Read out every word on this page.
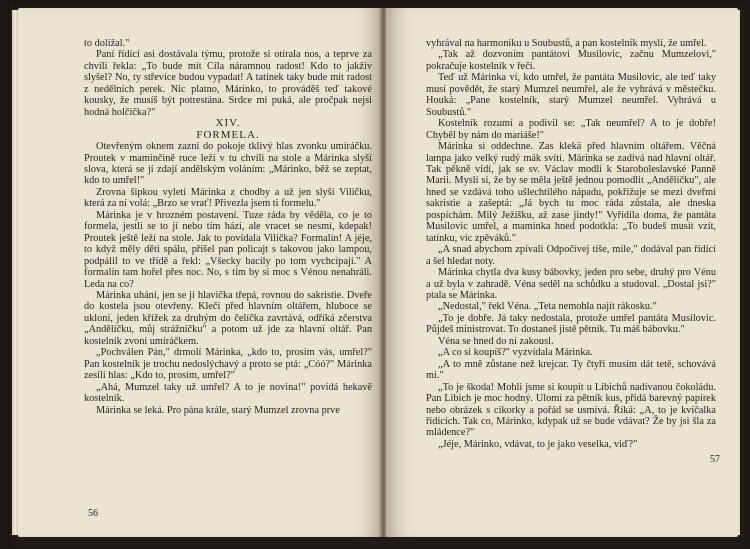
to doližal."

Paní řídící asi dostávala týmu, protože si otírala nos, a teprve za chvíli řekla: „To bude mít Cíla náramnou radost! Kdo to jakživ slyšel? No, ty střevíce budou vypadat! A tatínek taky bude mít radost z nedělních perek. Nic platno, Márinko, to prováděš teď takové kousky, že musíš být potrestána. Srdce mi puká, ale pročpak nejsi hodná holčička?"

XIV.

FORMELA.

Otevřeným oknem zazní do pokoje tklivý hlas zvonku umíráčku. Proutek v maminčině ruce leží v tu chvíli na stole a Márinka slyší slova, která se jí zdají andělským voláním: „Márinko, běž se zeptat, kdo to umřel!"

Zrovna šipkou vyletí Márinka z chodby a už jen slyší Viličku, která za ní volá: „Brzo se vrať! Přivezla jsem ti formelu."

Márinka je v hrozném postavení. Tuze ráda by věděla, co je to formela, jestli se to jí nebo tím hází, ale vracet se nesmí, kdepak! Proutek ještě leží na stole. Jak to povídala Vilička? Formalín! A jéje, to když měly děti spálu, přišel pan policajt s takovou jako lampou, podpálil to ve třídě a řekl: „Všecky bacily po tom vychcípají." A formalín tam hořel přes noc. No, s tím by si moc s Vénou nenahráli. Leda na co?

Márinka uhání, jen se jí hlavička třepá, rovnou do sakristie. Dveře do kostela jsou otevřeny. Klečí před hlavním oltářem, hluboce se ukloní, jeden křížek za druhým do čelíčka zavrtává, odříká zčerstva „Andělíčku, můj strážníčku" a potom už jde za hlavní oltář. Pan kostelník zvoní umíráčkem.

„Pochválen Pán," drmolí Márinka, „kdo to, prosím vás, umřel?" Pan kostelník je trochu nedoslýchavý a proto se ptá: „Cóó?" Márinka zesílí hlas: „Kdo to, prosím, umřel?"

„Ahá, Mumzel taky už umřel? A to je novina!" povídá hekavě kostelník.

Márinka se leká. Pro pána krále, starý Mumzel zrovna prve

56

vyhrával na harmoniku u Soubustů, a pan kostelník myslí, že umřel.

„Tak až dozvoním pantátovi Musilovic, začnu Mumzelovi," pokračuje kostelník v řeči.

Teď už Márinka ví, kdo umřel, že pantáta Musilovic, ale teď taky musí povědět, že starý Mumzel neumřel, ale že vyhrává v městečku. Houká: „Pane kostelník, starý Mumzel neumřel. Vyhrává u Soubustů."

Kostelník rozumí a podivil se: „Tak neumřel? A to je dobře! Chyběl by nám do mariáše!"

Márinka si oddechne. Zas klekä před hlavním oltářem. Věčná lampa jako velký rudý mák svítí. Márinka se zadívá nad hlavní oltář. Tak pěkně vidí, jak se sv. Václav modlí k Staroboleslavské Panně Marii. Myslí si, že by se měla ještě jednou pomodlit „Andělíčku", ale hned se vzdává toho ušlechtilého nápadu, pokřižuje se mezi dveřmi sakristie a zašeptá: „Já bych tu moc ráda zůstala, ale dneska pospíchám. Milý Ježíšku, až zase jindy!" Vyřídila doma, že pantáta Musilovic umřel, a maminka hned podotkla: „To budeš musit vzít, tatínku, víc zpěváků."

„A snad abychom zpívali Odpočívej tiše, mile," dodával pan řídící a šel hledat noty.

Márinka chytla dva kusy bábovky, jeden pro sebe, druhý pro Vénu a už byla v zahradě. Véna seděl na schůdku a studoval. „Dostal jsi?" ptala se Márinka.

„Nedostal," řekl Véna. „Teta nemohla najít rákosku."

„To je dobře. Já taky nedostala, protože umřel pantáta Musilovic. Půjdeš ministrovat. To dostaneš jistě pětník. Tu máš bábovku."

Véna se hned do ní zakousl.

„A co si koupíš?" vyzvídala Márinka.

„A to mně zůstane než krejcar. Ty čtyři musím dát tetě, schovává mi."

„To je škoda! Mohli jsme si koupit u Libichů nadívanou čokoládu. Pan Libich je moc hodný. Ulomí za pětník kus, přidá barevný papírek nebo obrázek s cikorky a pořád se usmívá. Říká: „A, to je kvíčalka řídících. Tak co, Márinko, kdypak už se bude vdávat? Že by jsi šla za mládence?"

„Jéje, Márinko, vdávat, to je jako veselka, viď?"

57
